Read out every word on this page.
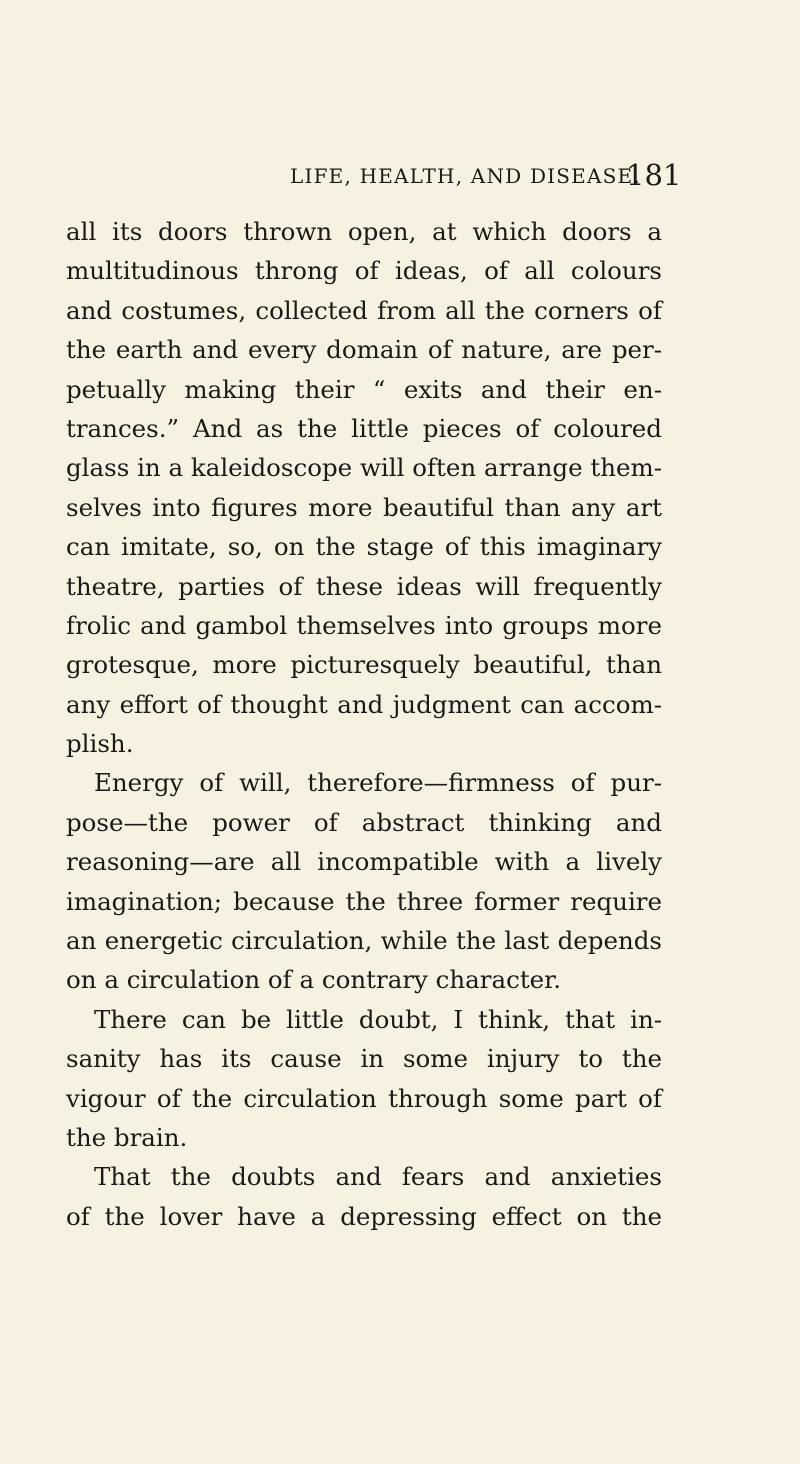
LIFE, HEALTH, AND DISEASE.
181
all its doors thrown open, at which doors a
multitudinous throng of ideas, of all colours
and costumes, collected from all the corners of
the earth and every domain of nature, are per-
petually making their “ exits and their en-
trances.” And as the little pieces of coloured
glass in a kaleidoscope will often arrange them-
selves into figures more beautiful than any art
can imitate, so, on the stage of this imaginary
theatre, parties of these ideas will frequently
frolic and gambol themselves into groups more
grotesque, more picturesquely beautiful, than
any effort of thought and judgment can accom-
plish.
Energy of will, therefore—firmness of pur-
pose—the power of abstract thinking and
reasoning—are all incompatible with a lively
imagination; because the three former require
an energetic circulation, while the last depends
on a circulation of a contrary character.
There can be little doubt, I think, that in-
sanity has its cause in some injury to the
vigour of the circulation through some part of
the brain.
That the doubts and fears and anxieties
of the lover have a depressing effect on the
